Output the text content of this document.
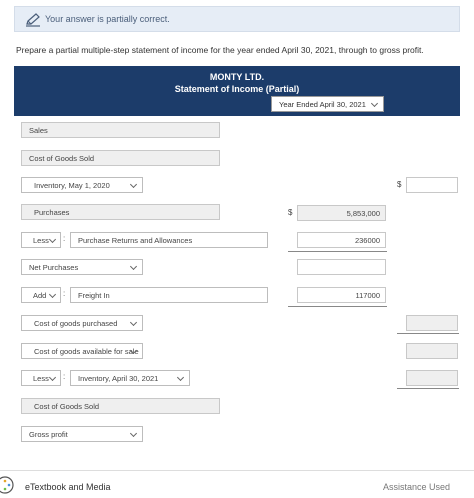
Your answer is partially correct.
Prepare a partial multiple-step statement of income for the year ended April 30, 2021, through to gross profit.
MONTY LTD.
Statement of Income (Partial)
Year Ended April 30, 2021
Sales
Cost of Goods Sold
Inventory, May 1, 2020	$
Purchases	$	5,853,000
Less	:	Purchase Returns and Allowances	236000
Net Purchases
Add	:	Freight In	117000
Cost of goods purchased
Cost of goods available for sale
Less	:	Inventory, April 30, 2021
Cost of Goods Sold
Gross profit
eTextbook and Media	Assistance Used
